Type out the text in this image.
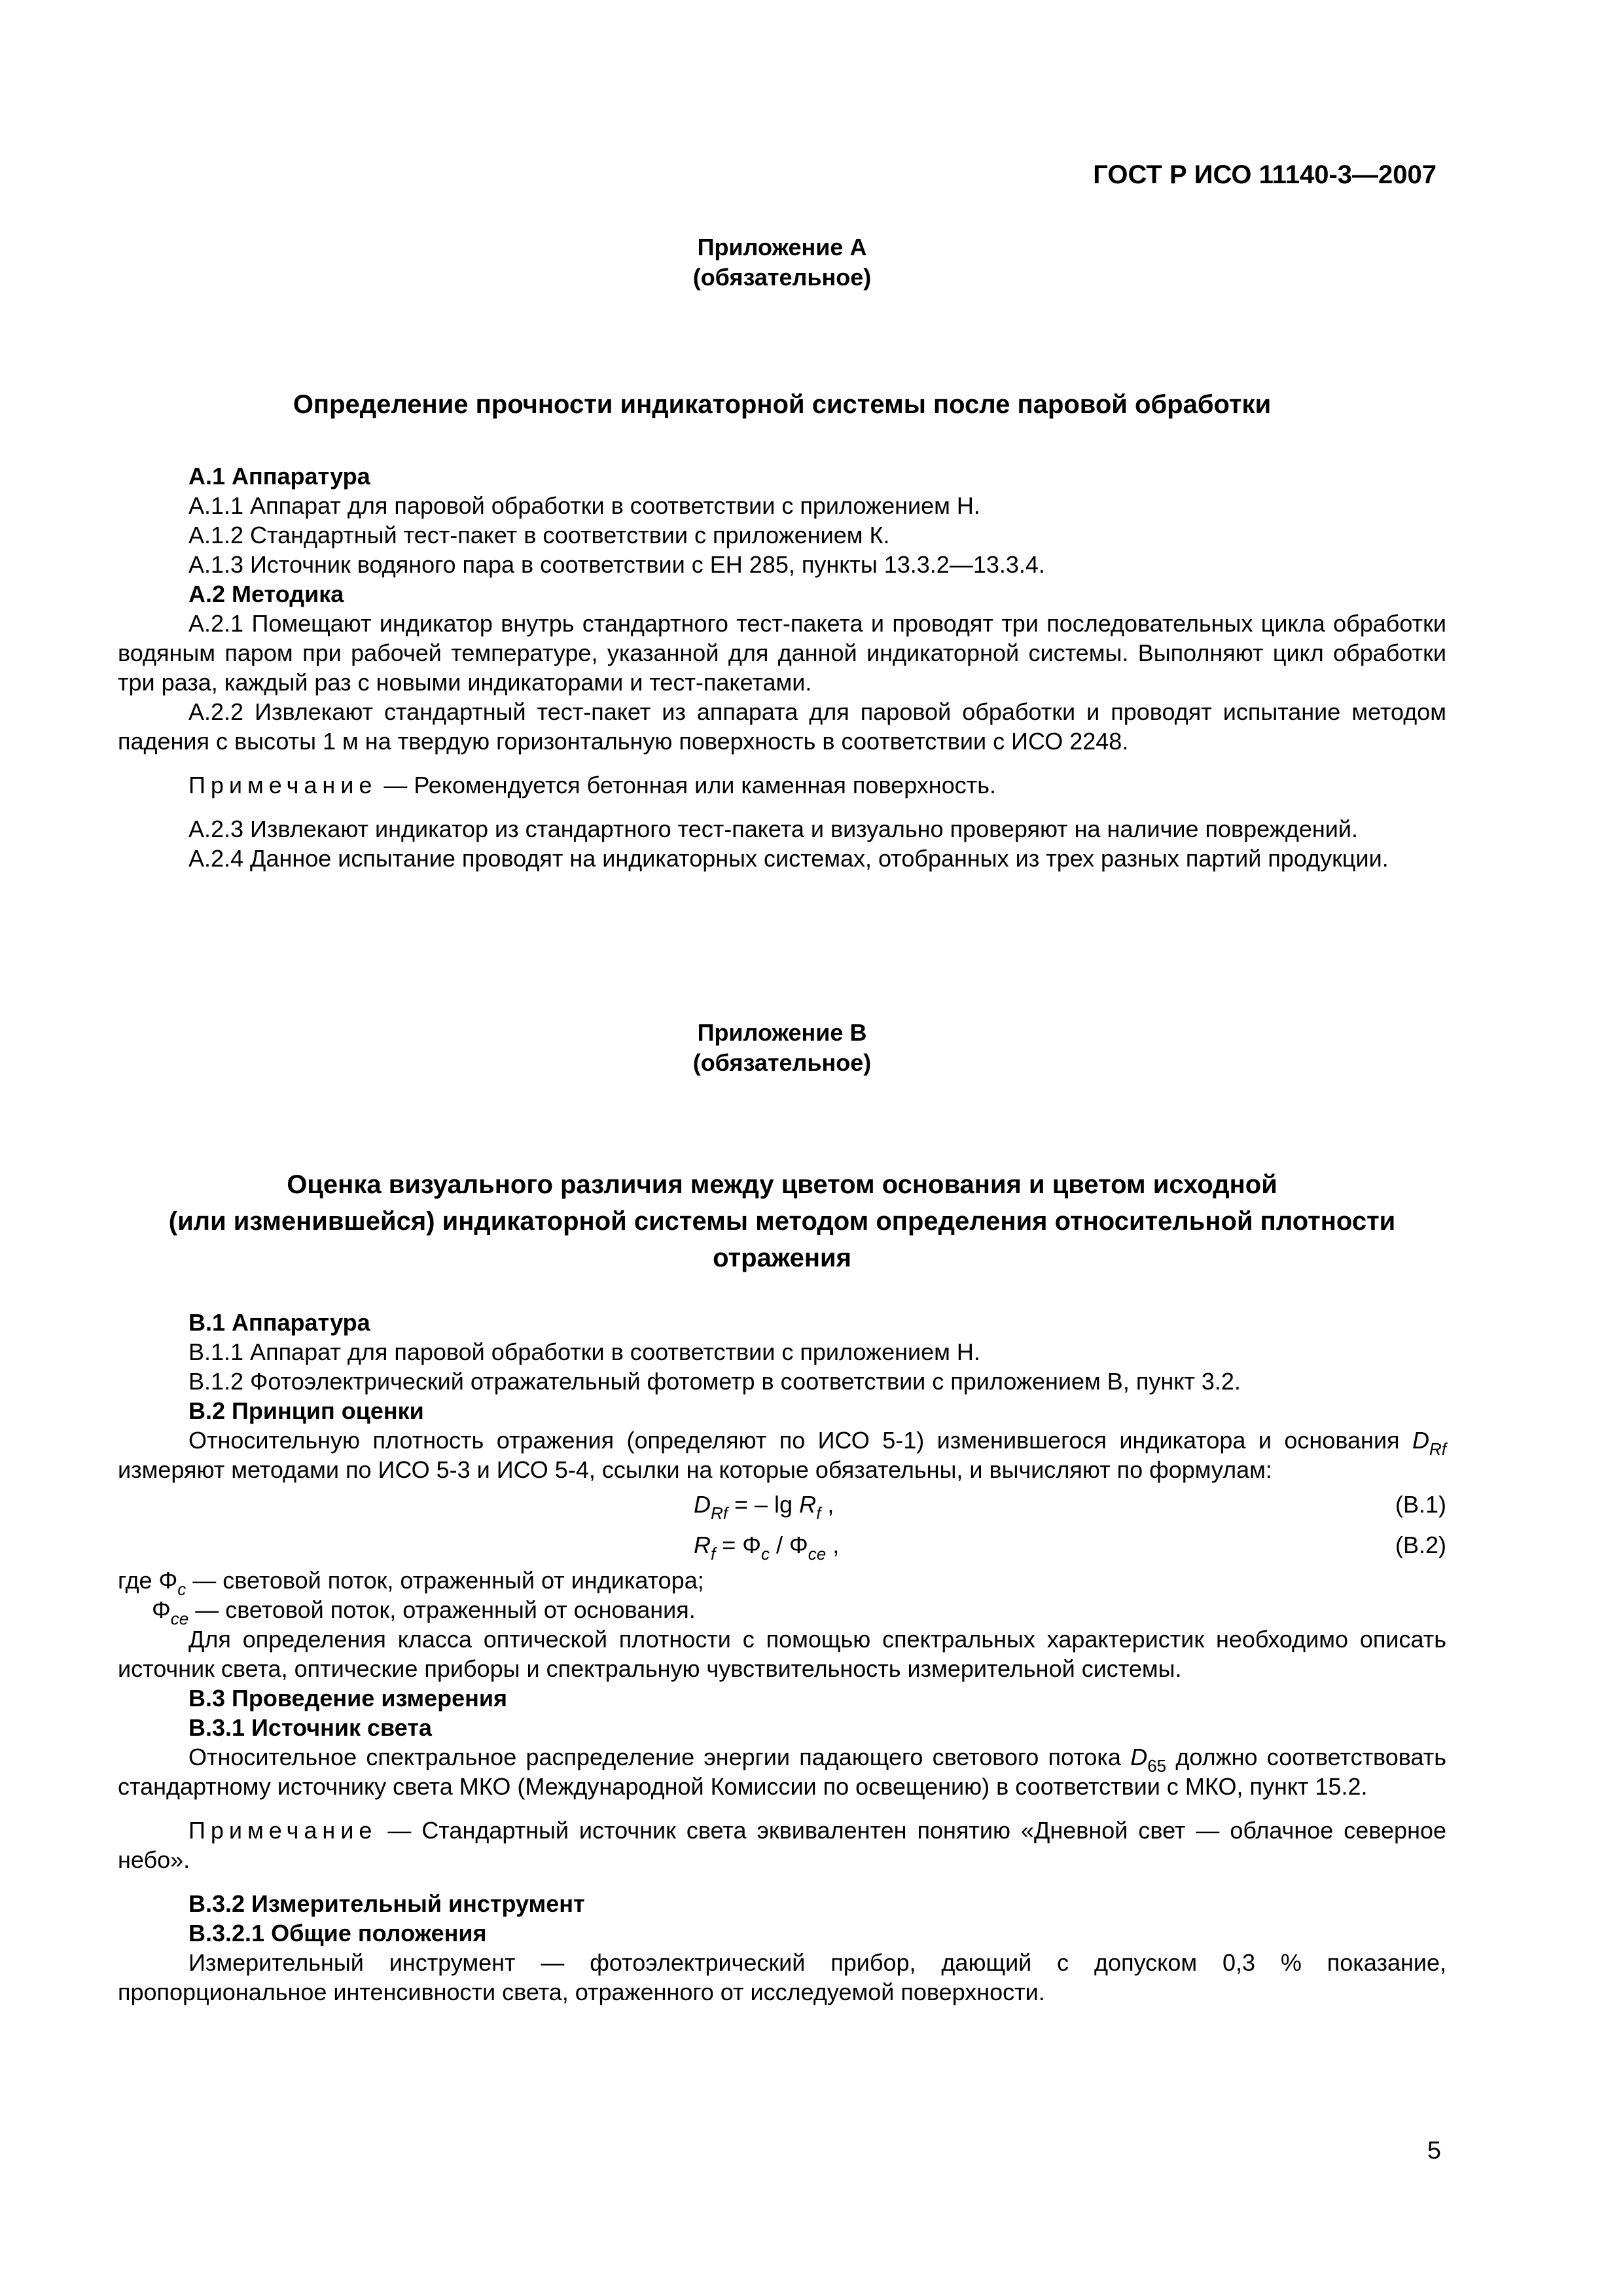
ГОСТ Р ИСО 11140-3—2007
Приложение А
(обязательное)

Определение прочности индикаторной системы после паровой обработки

А.1 Аппаратура

А.1.1 Аппарат для паровой обработки в соответствии с приложением Н.

А.1.2 Стандартный тест-пакет в соответствии с приложением К.

А.1.3 Источник водяного пара в соответствии с ЕН 285, пункты 13.3.2—13.3.4.

А.2 Методика

А.2.1 Помещают индикатор внутрь стандартного тест-пакета и проводят три последовательных цикла обработки водяным паром при рабочей температуре, указанной для данной индикаторной системы. Выполняют цикл обработки три раза, каждый раз с новыми индикаторами и тест-пакетами.

А.2.2 Извлекают стандартный тест-пакет из аппарата для паровой обработки и проводят испытание методом падения с высоты 1 м на твердую горизонтальную поверхность в соответствии с ИСО 2248.

Примечание — Рекомендуется бетонная или каменная поверхность.

А.2.3 Извлекают индикатор из стандартного тест-пакета и визуально проверяют на наличие повреждений.

А.2.4 Данное испытание проводят на индикаторных системах, отобранных из трех разных партий продукции.

Приложение В
(обязательное)

Оценка визуального различия между цветом основания и цветом исходной

(или изменившейся) индикаторной системы методом определения относительной плотности

отражения

В.1 Аппаратура

В.1.1 Аппарат для паровой обработки в соответствии с приложением Н.

В.1.2 Фотоэлектрический отражательный фотометр в соответствии с приложением В, пункт 3.2.

В.2 Принцип оценки

Относительную плотность отражения (определяют по ИСО 5-1) изменившегося индикатора и основания $D_{Rf}$ измеряют методами по ИСО 5-3 и ИСО 5-4, ссылки на которые обязательны, и вычисляют по формулам:

$D_{Rf}$ = – $\lg R_f$ ,	(В.1)
$R_f = \Phi_c / \Phi_{ce}$ ,	(В.2)

где $\Phi_c$ — световой поток, отраженный от индикатора;

$\Phi_{ce}$ — световой поток, отраженный от основания.

Для определения класса оптической плотности с помощью спектральных характеристик необходимо описать источник света, оптические приборы и спектральную чувствительность измерительной системы.

В.3 Проведение измерения

В.3.1 Источник света

Относительное спектральное распределение энергии падающего светового потока $D_{65}$ должно соответствовать стандартному источнику света МКО (Международной Комиссии по освещению) в соответствии с МКО, пункт 15.2.

Примечание — Стандартный источник света эквивалентен понятию «Дневной свет — облачное северное небо».

В.3.2 Измерительный инструмент

В.3.2.1 Общие положения

Измерительный инструмент — фотоэлектрический прибор, дающий с допуском 0,3 % показание, пропорциональное интенсивности света, отраженного от исследуемой поверхности.

5
